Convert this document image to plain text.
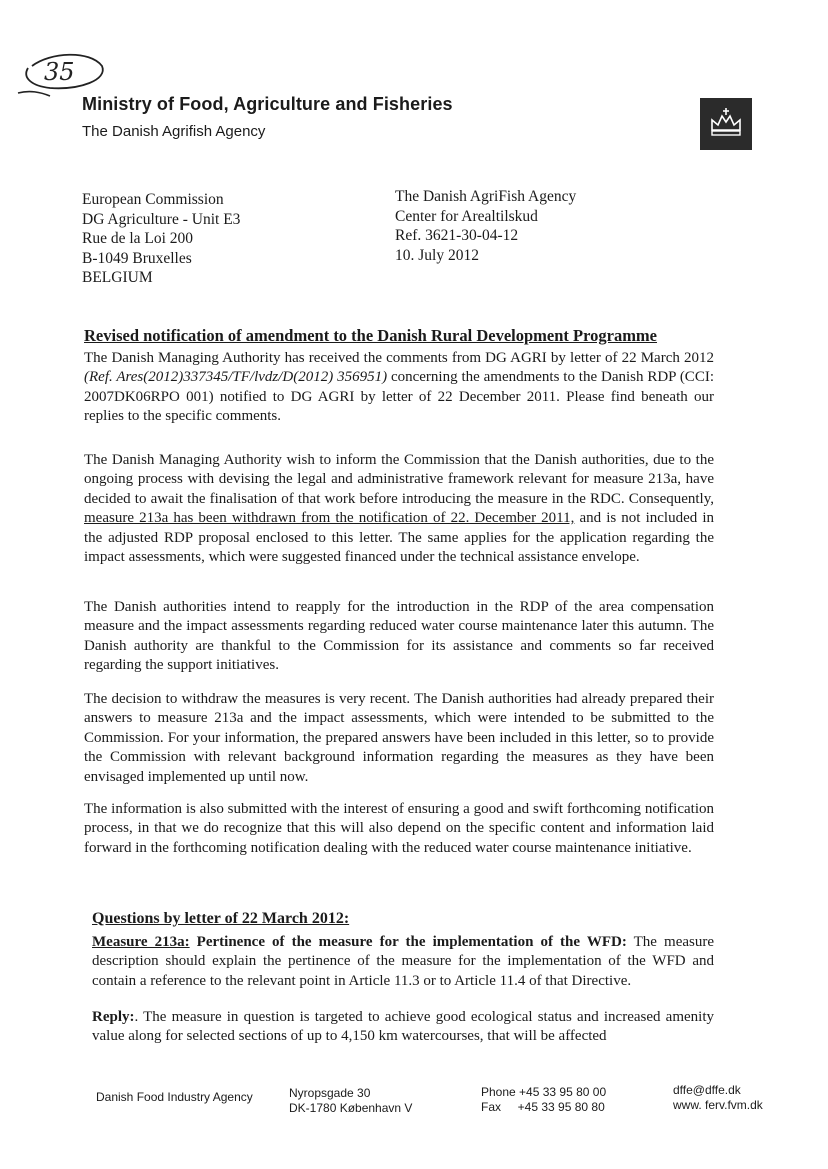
35
Ministry of Food, Agriculture and Fisheries
The Danish Agrifish Agency
European Commission
DG Agriculture - Unit E3
Rue de la Loi 200
B-1049 Bruxelles
BELGIUM
The Danish AgriFish Agency
Center for Arealtilskud
Ref. 3621-30-04-12
10. July 2012
Revised notification of amendment to the Danish Rural Development Programme
The Danish Managing Authority has received the comments from DG AGRI by letter of 22 March 2012 (Ref. Ares(2012)337345/TF/lvdz/D(2012) 356951) concerning the amendments to the Danish RDP (CCI: 2007DK06RPO 001) notified to DG AGRI by letter of 22 December 2011. Please find beneath our replies to the specific comments.
The Danish Managing Authority wish to inform the Commission that the Danish authorities, due to the ongoing process with devising the legal and administrative framework relevant for measure 213a, have decided to await the finalisation of that work before introducing the measure in the RDC. Consequently, measure 213a has been withdrawn from the notification of 22. December 2011, and is not included in the adjusted RDP proposal enclosed to this letter. The same applies for the application regarding the impact assessments, which were suggested financed under the technical assistance envelope.
The Danish authorities intend to reapply for the introduction in the RDP of the area compensation measure and the impact assessments regarding reduced water course maintenance later this autumn. The Danish authority are thankful to the Commission for its assistance and comments so far received regarding the support initiatives.
The decision to withdraw the measures is very recent. The Danish authorities had already prepared their answers to measure 213a and the impact assessments, which were intended to be submitted to the Commission. For your information, the prepared answers have been included in this letter, so to provide the Commission with relevant background information regarding the measures as they have been envisaged implemented up until now.
The information is also submitted with the interest of ensuring a good and swift forthcoming notification process, in that we do recognize that this will also depend on the specific content and information laid forward in the forthcoming notification dealing with the reduced water course maintenance initiative.
Questions by letter of 22 March 2012:
Measure 213a: Pertinence of the measure for the implementation of the WFD: The measure description should explain the pertinence of the measure for the implementation of the WFD and contain a reference to the relevant point in Article 11.3 or to Article 11.4 of that Directive.
Reply:. The measure in question is targeted to achieve good ecological status and increased amenity value along for selected sections of up to 4,150 km watercourses, that will be affected
Danish Food Industry Agency	Nyropsgade 30
DK-1780 København V
Phone +45 33 95 80 00
Fax     +45 33 95 80 80
dffe@dffe.dk
www. ferv.fvm.dk
